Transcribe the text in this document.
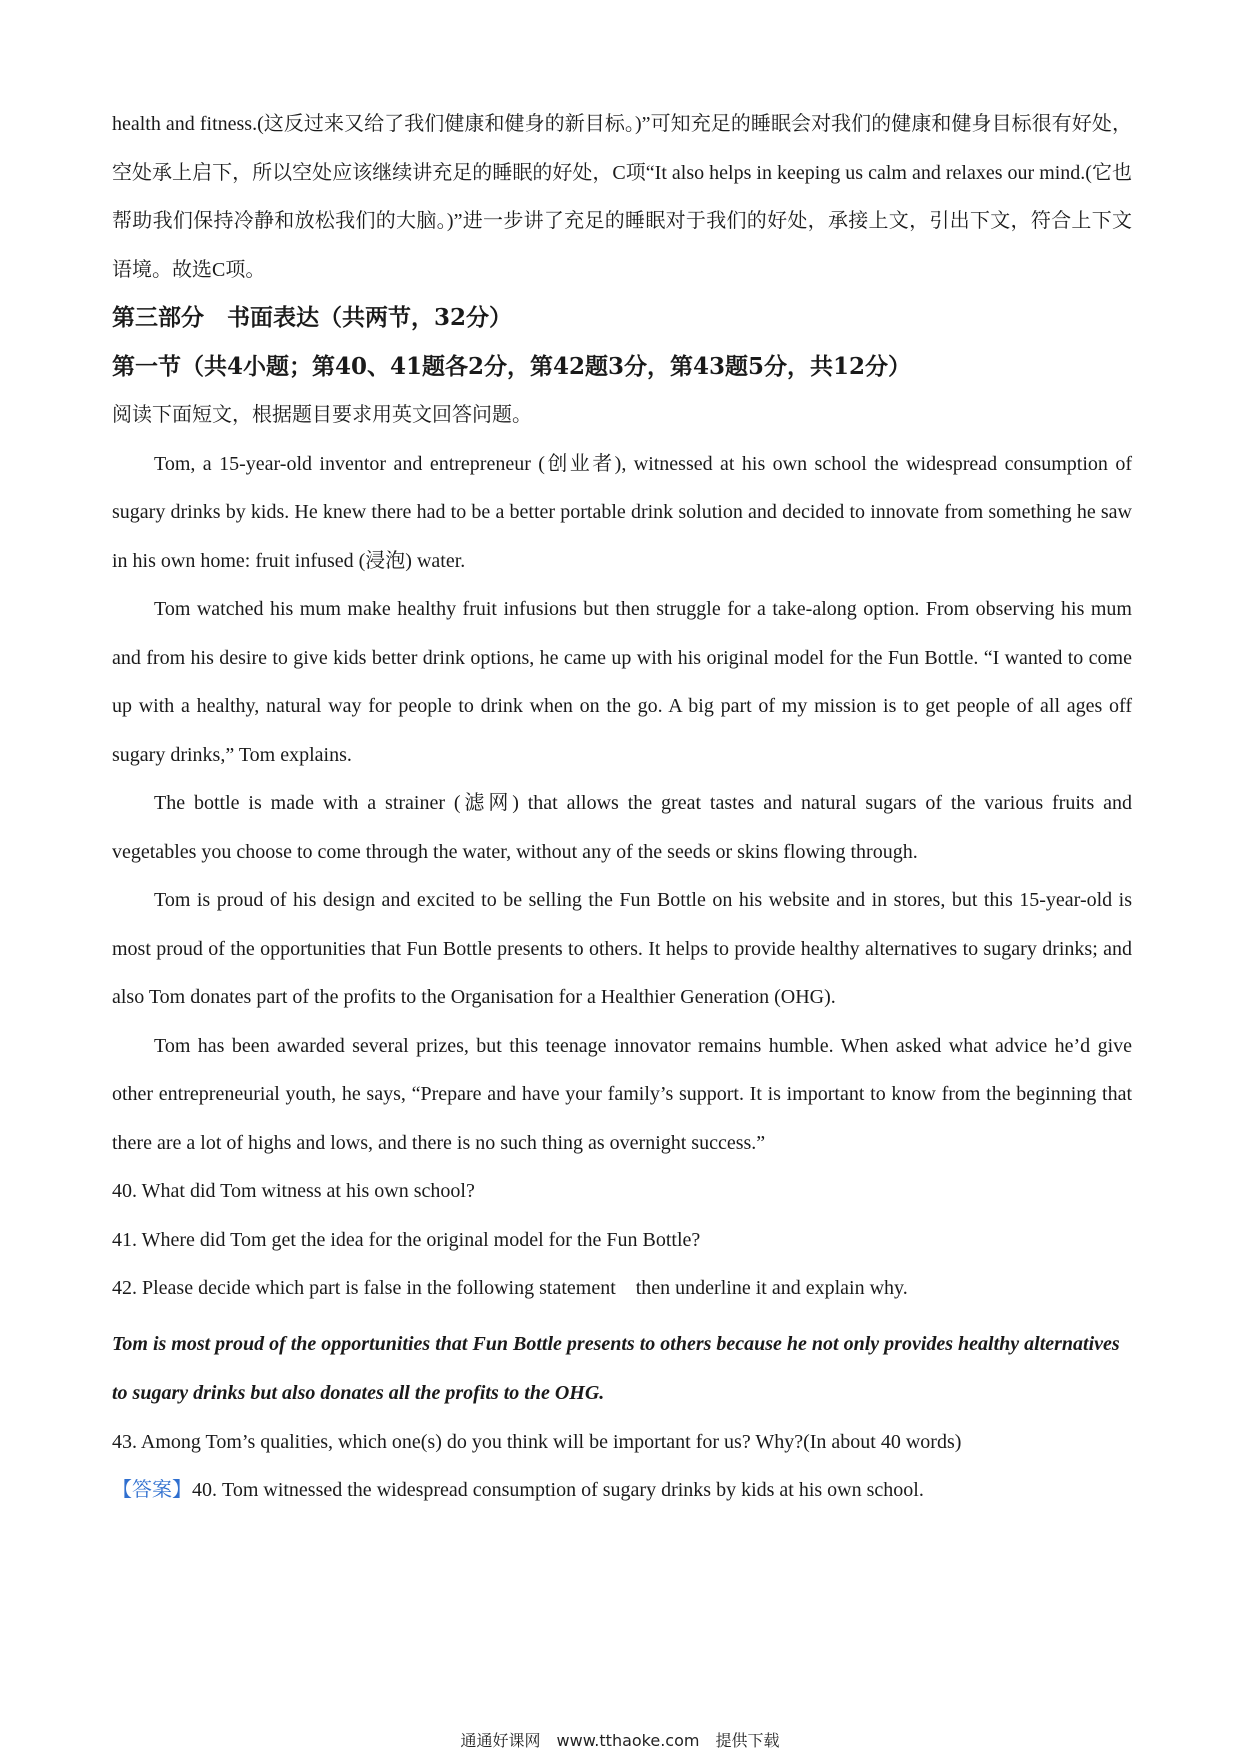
health and fitness.(这反过来又给了我们健康和健身的新目标。)”可知充足的睡眠会对我们的健康和健身目标很有好处，空处承上启下，所以空处应该继续讲充足的睡眠的好处，C项“It also helps in keeping us calm and relaxes our mind.(它也帮助我们保持冷静和放松我们的大脑。)”进一步讲了充足的睡眠对于我们的好处，承接上文，引出下文，符合上下文语境。故选C项。

第三部分　书面表达（共两节，32分）

第一节（共4小题；第40、41题各2分，第42题3分，第43题5分，共12分）

阅读下面短文，根据题目要求用英文回答问题。

Tom, a 15-year-old inventor and entrepreneur (创业者), witnessed at his own school the widespread consumption of sugary drinks by kids. He knew there had to be a better portable drink solution and decided to innovate from something he saw in his own home: fruit infused (浸泡) water.

Tom watched his mum make healthy fruit infusions but then struggle for a take-along option. From observing his mum and from his desire to give kids better drink options, he came up with his original model for the Fun Bottle. “I wanted to come up with a healthy, natural way for people to drink when on the go. A big part of my mission is to get people of all ages off sugary drinks,” Tom explains.

The bottle is made with a strainer (滤网) that allows the great tastes and natural sugars of the various fruits and vegetables you choose to come through the water, without any of the seeds or skins flowing through.

Tom is proud of his design and excited to be selling the Fun Bottle on his website and in stores, but this 15-year-old is most proud of the opportunities that Fun Bottle presents to others. It helps to provide healthy alternatives to sugary drinks; and also Tom donates part of the profits to the Organisation for a Healthier Generation (OHG).

Tom has been awarded several prizes, but this teenage innovator remains humble. When asked what advice he’d give other entrepreneurial youth, he says, “Prepare and have your family’s support. It is important to know from the beginning that there are a lot of highs and lows, and there is no such thing as overnight success.”

40. What did Tom witness at his own school?

41. Where did Tom get the idea for the original model for the Fun Bottle?

42. Please decide which part is false in the following statement　then underline it and explain why.

Tom is most proud of the opportunities that Fun Bottle presents to others because he not only provides healthy alternatives to sugary drinks but also donates all the profits to the OHG.

43. Among Tom’s qualities, which one(s) do you think will be important for us? Why?(In about 40 words)

【答案】40. Tom witnessed the widespread consumption of sugary drinks by kids at his own school.

通通好课网　www.tthaoke.com　提供下载
